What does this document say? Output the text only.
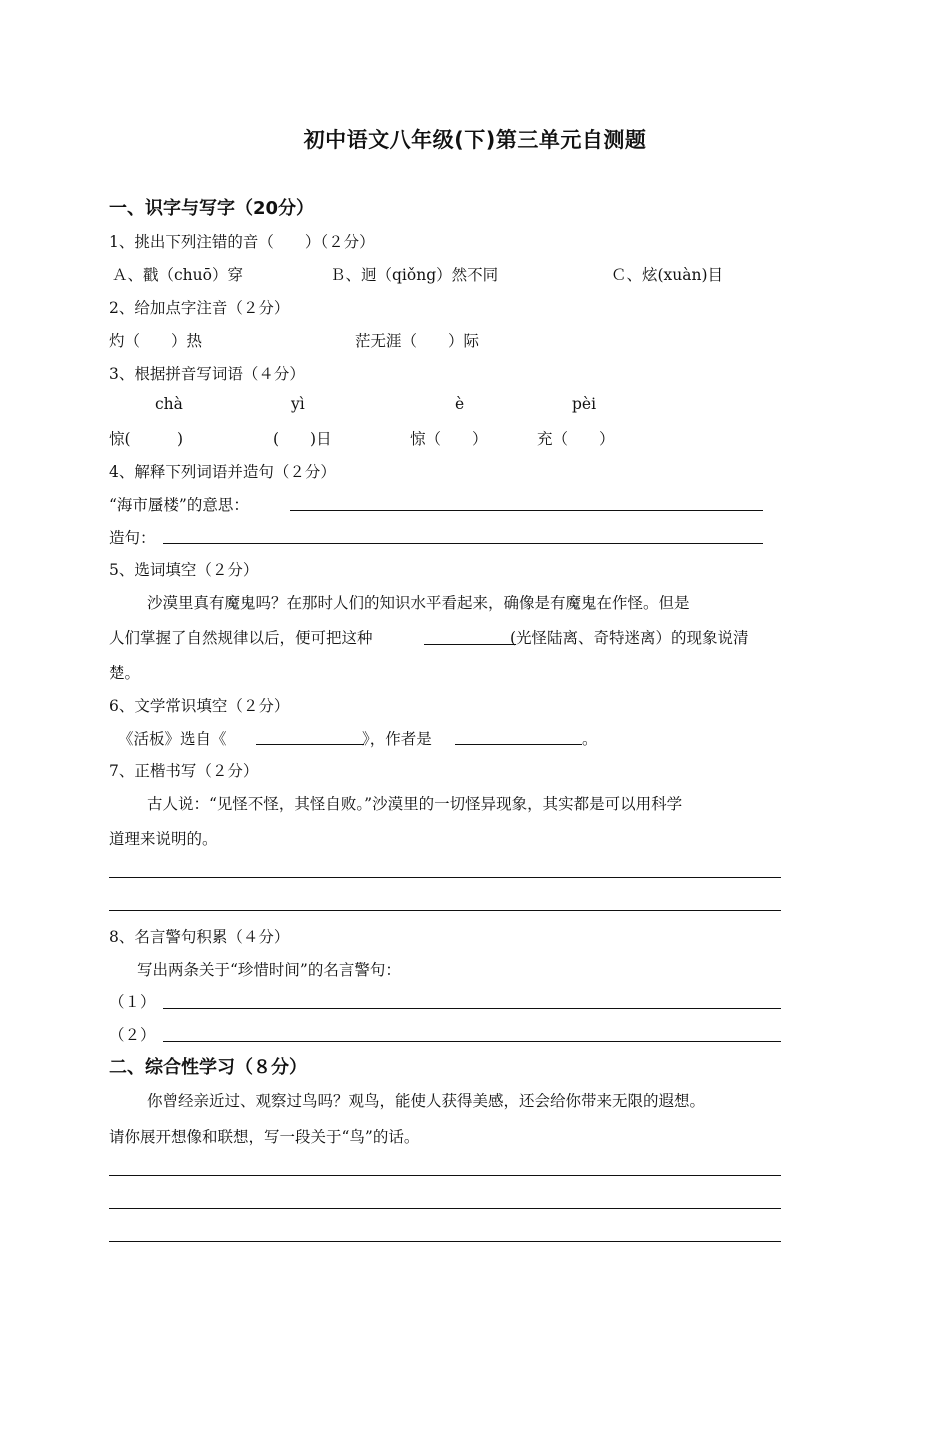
初中语文八年级(下)第三单元自测题
一、识字与写字（20分）
1、挑出下列注错的音（　　）（２分）
Ａ、戳（chuō）穿	Ｂ、迥（qiǒng）然不同	Ｃ、炫(xuàn)目
2、给加点字注音（２分）
灼（　　）热	茫无涯（　　）际
3、根据拼音写词语（４分）
chà	yì	è	pèi
惊(　　　)	(　　)日	惊（　　）	充（　　）
4、解释下列词语并造句（２分）
“海市蜃楼”的意思：
造句：
5、选词填空（２分）
沙漠里真有魔鬼吗？在那时人们的知识水平看起来，确像是有魔鬼在作怪。但是
人们掌握了自然规律以后，便可把这种	(光怪陆离、奇特迷离）的现象说清
楚。
6、文学常识填空（２分）
《活板》选自《	》，作者是	。
7、正楷书写（２分）
古人说：“见怪不怪，其怪自败。”沙漠里的一切怪异现象，其实都是可以用科学
道理来说明的。
8、名言警句积累（４分）
写出两条关于“珍惜时间”的名言警句：
（１）
（２）
二、综合性学习（８分）
你曾经亲近过、观察过鸟吗？观鸟，能使人获得美感，还会给你带来无限的遐想。
请你展开想像和联想，写一段关于“鸟”的话。
